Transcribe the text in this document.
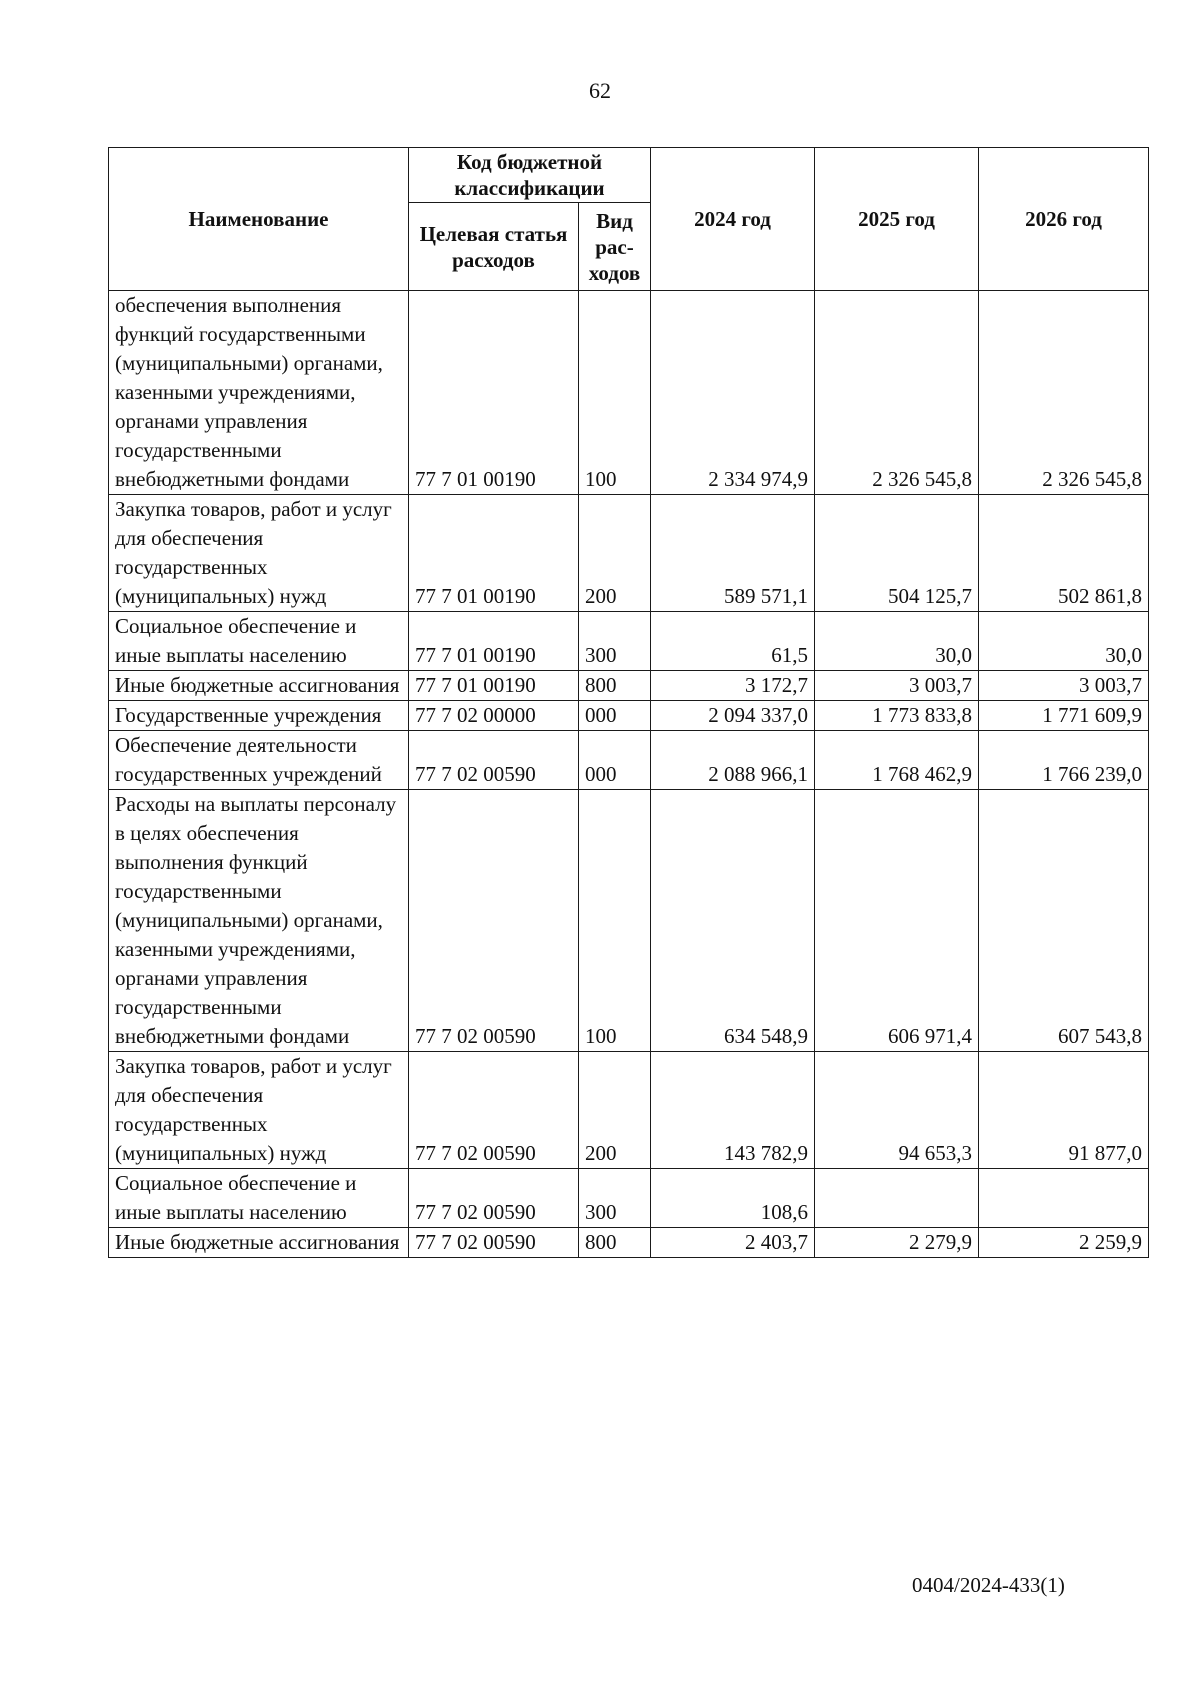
62
Наименование	Код бюджетной классификации		2024 год	2025 год	2026 год
	Целевая статья расходов	Вид рас-ходов			
обеспечения выполнения функций государственными (муниципальными) органами, казенными учреждениями, органами управления государственными внебюджетными фондами	77 7 01 00190	100	2 334 974,9	2 326 545,8	2 326 545,8
Закупка товаров, работ и услуг для обеспечения государственных (муниципальных) нужд	77 7 01 00190	200	589 571,1	504 125,7	502 861,8
Социальное обеспечение и иные выплаты населению	77 7 01 00190	300	61,5	30,0	30,0
Иные бюджетные ассигнования	77 7 01 00190	800	3 172,7	3 003,7	3 003,7
Государственные учреждения	77 7 02 00000	000	2 094 337,0	1 773 833,8	1 771 609,9
Обеспечение деятельности государственных учреждений	77 7 02 00590	000	2 088 966,1	1 768 462,9	1 766 239,0
Расходы на выплаты персоналу в целях обеспечения выполнения функций государственными (муниципальными) органами, казенными учреждениями, органами управления государственными внебюджетными фондами	77 7 02 00590	100	634 548,9	606 971,4	607 543,8
Закупка товаров, работ и услуг для обеспечения государственных (муниципальных) нужд	77 7 02 00590	200	143 782,9	94 653,3	91 877,0
Социальное обеспечение и иные выплаты населению	77 7 02 00590	300	108,6		
Иные бюджетные ассигнования	77 7 02 00590	800	2 403,7	2 279,9	2 259,9
0404/2024-433(1)
